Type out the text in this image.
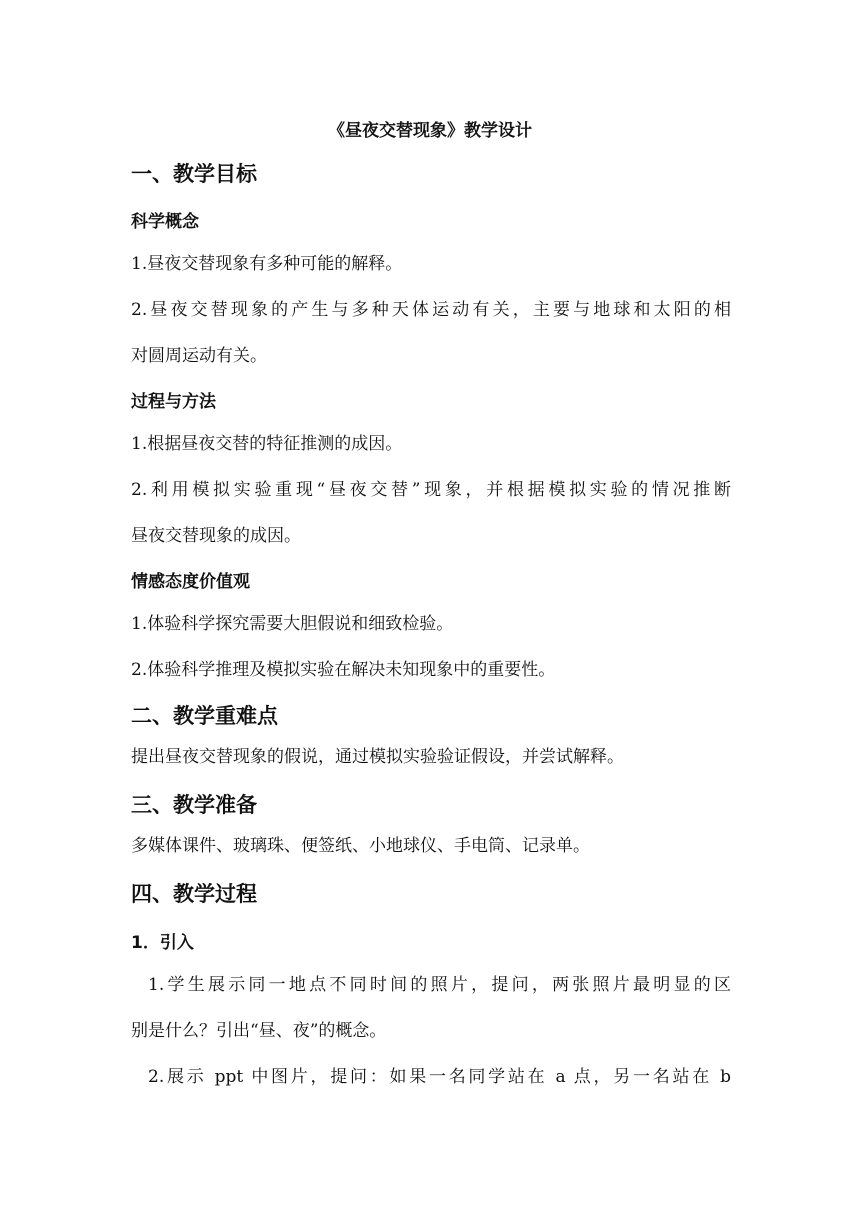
《昼夜交替现象》教学设计
一、教学目标
科学概念
1.昼夜交替现象有多种可能的解释。
2.昼夜交替现象的产生与多种天体运动有关，主要与地球和太阳的相
对圆周运动有关。
过程与方法
1.根据昼夜交替的特征推测的成因。
2.利用模拟实验重现“昼夜交替”现象，并根据模拟实验的情况推断
昼夜交替现象的成因。
情感态度价值观
1.体验科学探究需要大胆假说和细致检验。
2.体验科学推理及模拟实验在解决未知现象中的重要性。
二、教学重难点
提出昼夜交替现象的假说，通过模拟实验验证假设，并尝试解释。
三、教学准备
多媒体课件、玻璃珠、便签纸、小地球仪、手电筒、记录单。
四、教学过程
1．引入
1.学生展示同一地点不同时间的照片，提问，两张照片最明显的区
别是什么？引出“昼、夜”的概念。
2.展示 ppt 中图片，提问：如果一名同学站在 a 点，另一名站在 b
